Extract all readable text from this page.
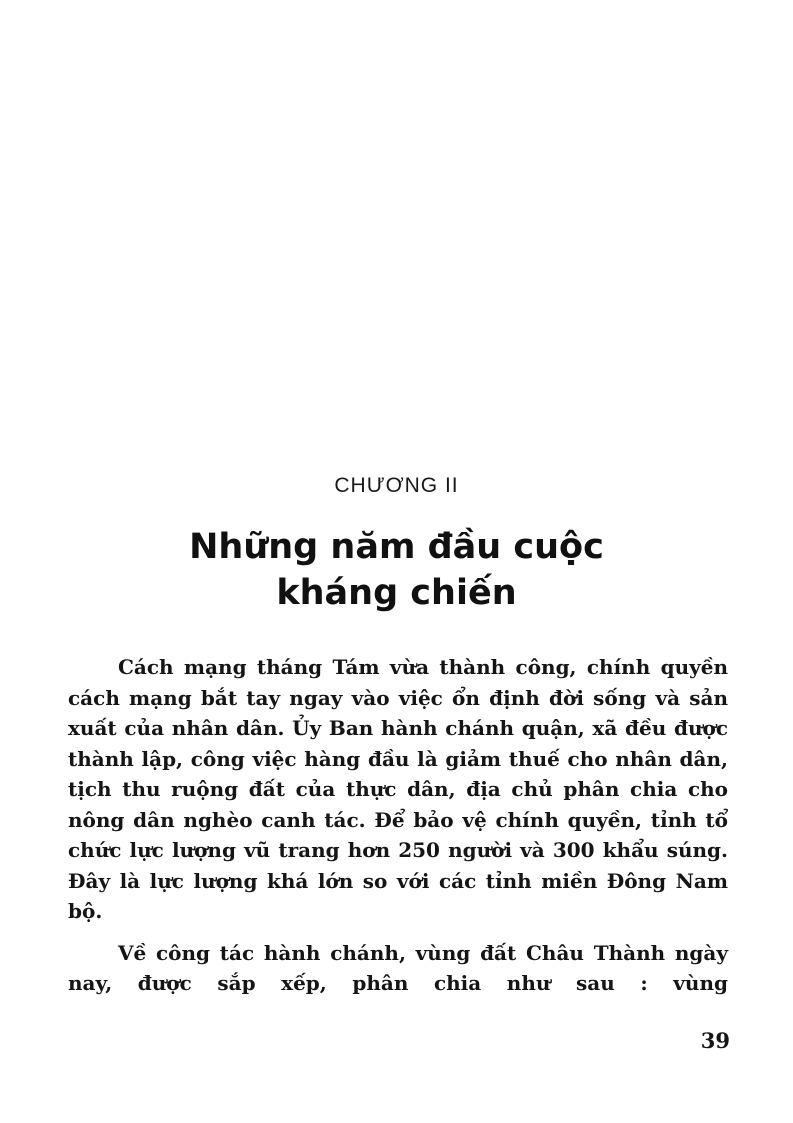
CHƯƠNG II
Những năm đầu cuộc
kháng chiến

Cách mạng tháng Tám vừa thành công, chính quyền cách mạng bắt tay ngay vào việc ổn định đời sống và sản xuất của nhân dân. Ủy Ban hành chánh quận, xã đều được thành lập, công việc hàng đầu là giảm thuế cho nhân dân, tịch thu ruộng đất của thực dân, địa chủ phân chia cho nông dân nghèo canh tác. Để bảo vệ chính quyền, tỉnh tổ chức lực lượng vũ trang hơn 250 người và 300 khẩu súng. Đây là lực lượng khá lớn so với các tỉnh miền Đông Nam bộ.

Về công tác hành chánh, vùng đất Châu Thành ngày nay, được sắp xếp, phân chia như sau : vùng

39
